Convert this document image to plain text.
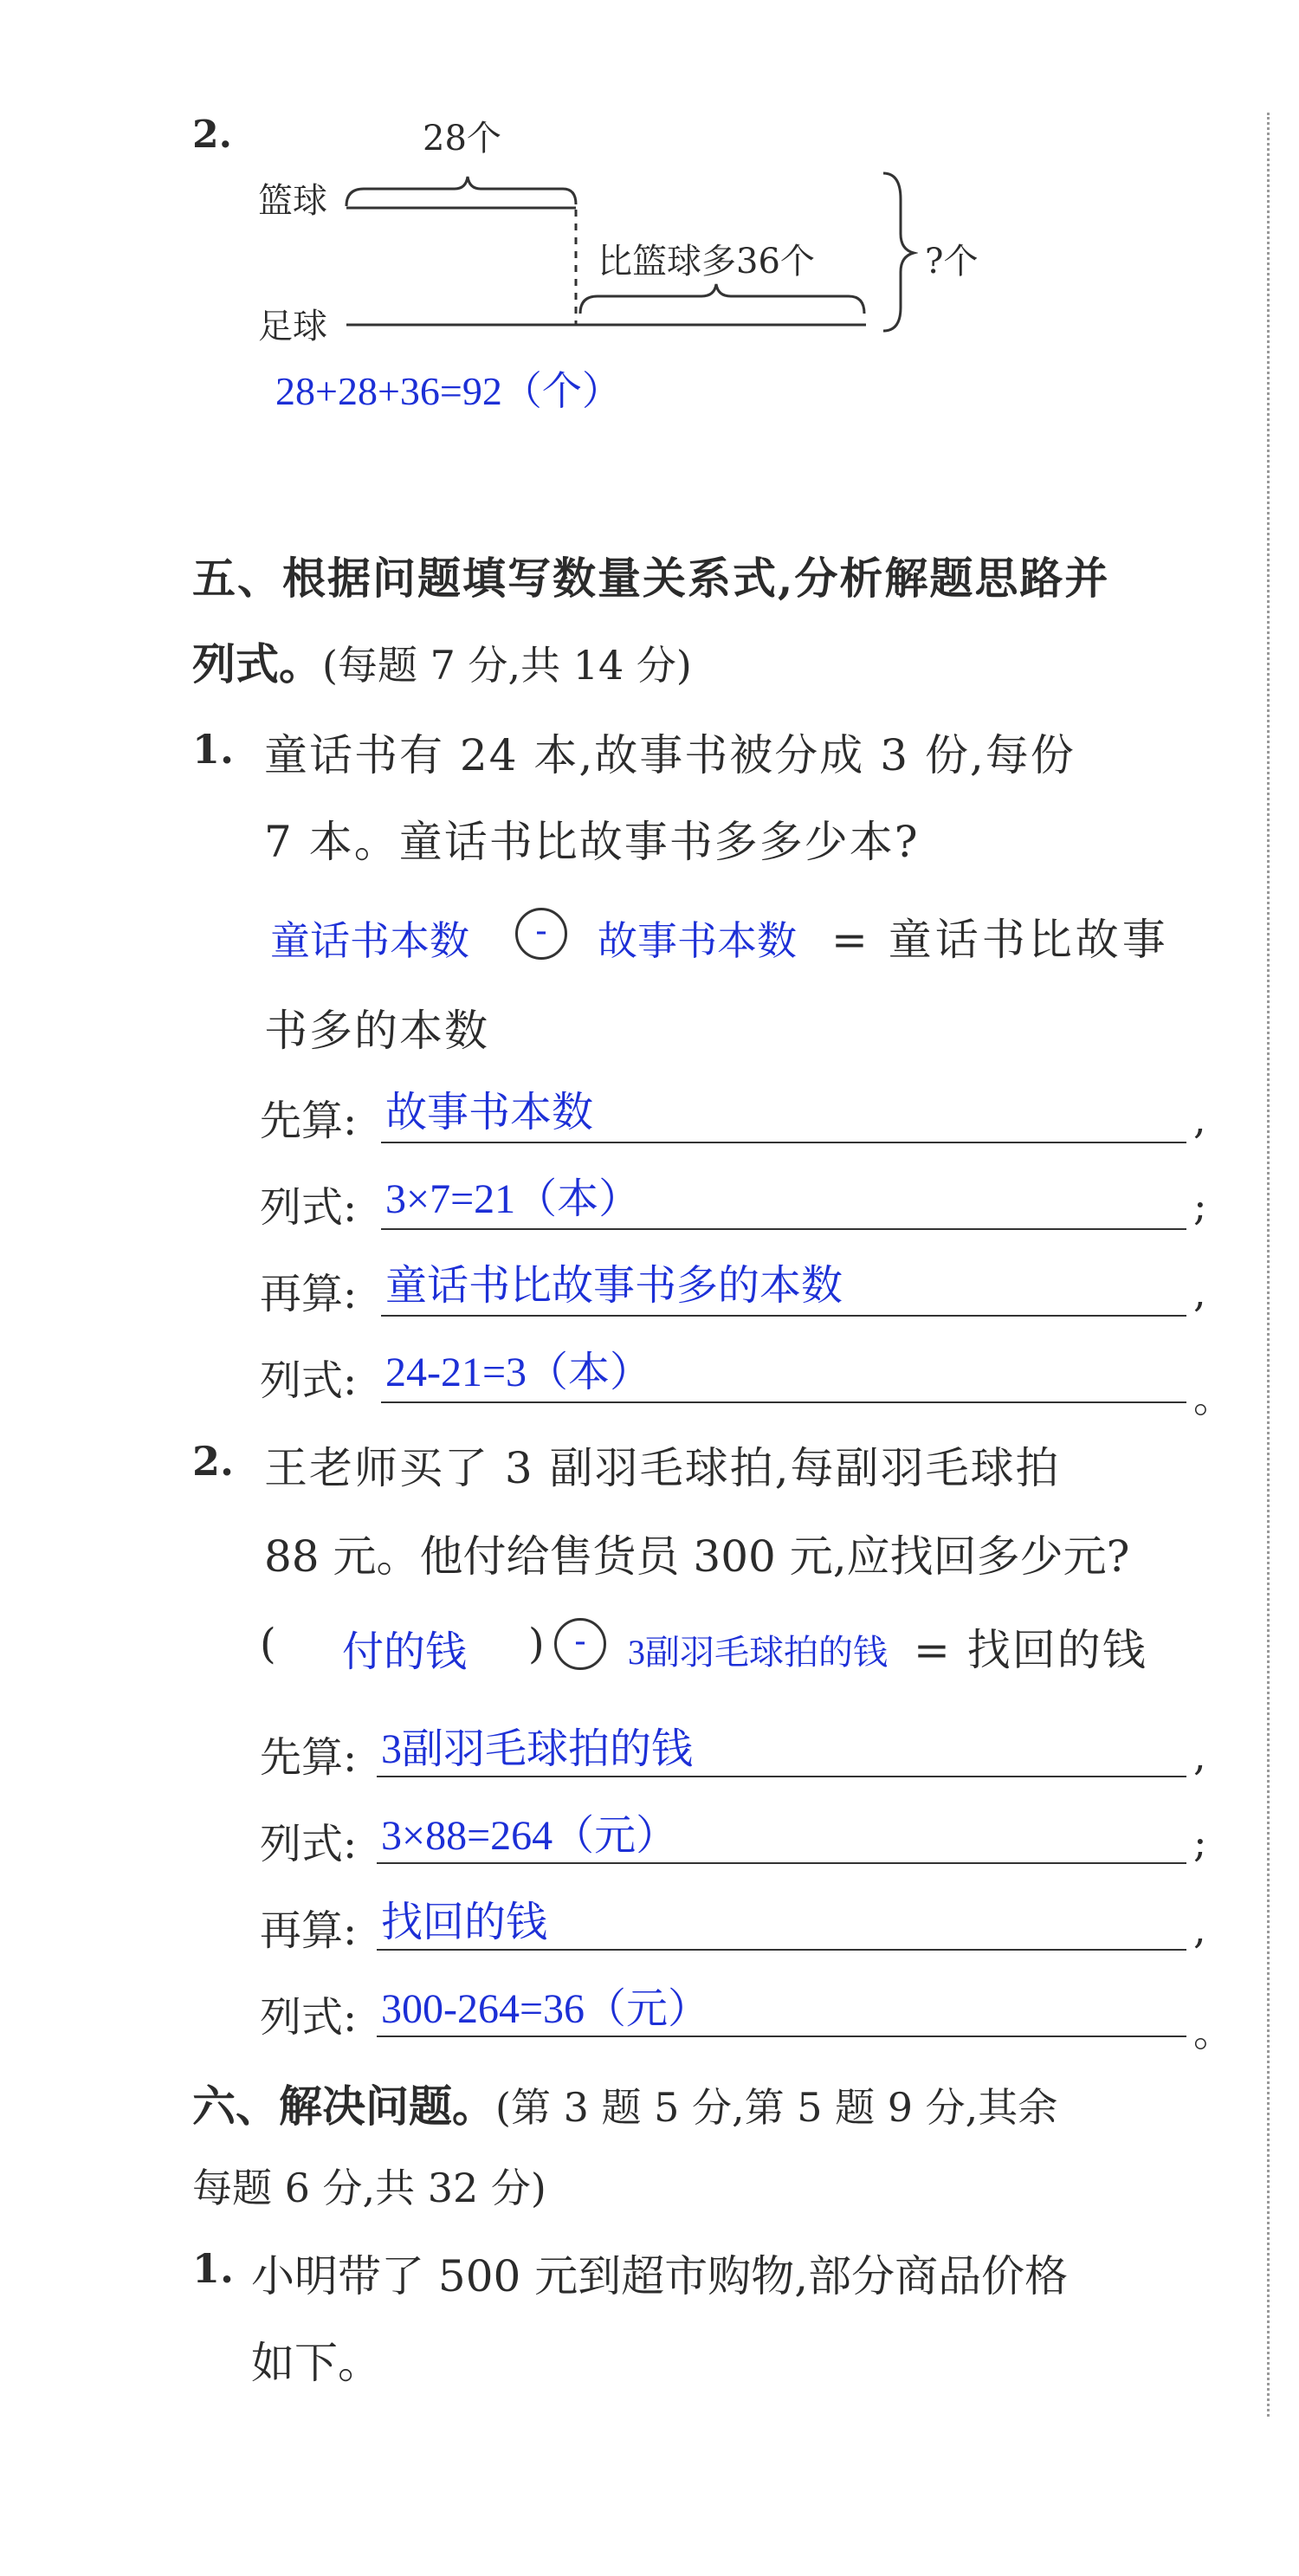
2.	28个
篮球
足球
比篮球多36个	?个
28+28+36=92（个）
五、根据问题填写数量关系式,分析解题思路并
列式。(每题 7 分,共 14 分)
1. 童话书有 24 本,故事书被分成 3 份,每份
7 本。童话书比故事书多多少本?
童话书本数 - 故事书本数 = 童话书比故事
书多的本数
先算: 故事书本数	,
列式: 3×7=21（本）	;
再算: 童话书比故事书多的本数	,
列式: 24-21=3（本）
。
2. 王老师买了 3 副羽毛球拍,每副羽毛球拍
88 元。他付给售货员 300 元,应找回多少元?
( 付的钱 ) - 3副羽毛球拍的钱 = 找回的钱
先算: 3副羽毛球拍的钱	,
列式: 3×88=264（元）	;
再算: 找回的钱	,
列式: 300-264=36（元）	。
六、解决问题。(第 3 题 5 分,第 5 题 9 分,其余
每题 6 分,共 32 分)
1. 小明带了 500 元到超市购物,部分商品价格
如下。
